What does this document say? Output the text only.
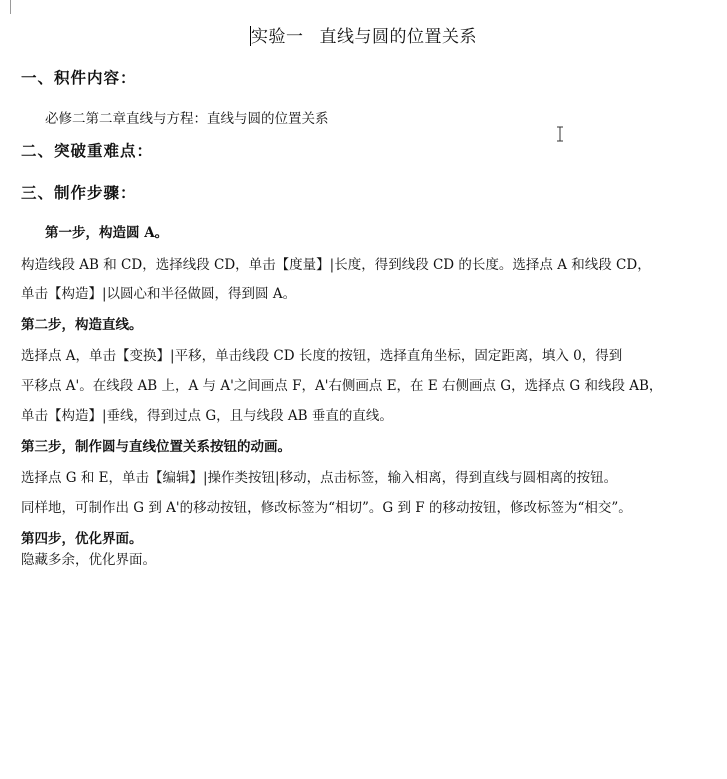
实验一 直线与圆的位置关系
一、积件内容：

必修二第二章直线与方程：直线与圆的位置关系

二、突破重难点：
三、制作步骤：

第一步，构造圆 A。

构造线段 AB 和 CD，选择线段 CD，单击【度量】|长度，得到线段 CD 的长度。选择点 A 和线段 CD，

单击【构造】|以圆心和半径做圆，得到圆 A。

第二步，构造直线。

选择点 A，单击【变换】|平移，单击线段 CD 长度的按钮，选择直角坐标，固定距离，填入 0，得到

平移点 A'。在线段 AB 上，A 与 A'之间画点 F，A'右侧画点 E，在 E 右侧画点 G，选择点 G 和线段 AB，

单击【构造】|垂线，得到过点 G，且与线段 AB 垂直的直线。

第三步，制作圆与直线位置关系按钮的动画。

选择点 G 和 E，单击【编辑】|操作类按钮|移动，点击标签，输入相离，得到直线与圆相离的按钮。

同样地，可制作出 G 到 A'的移动按钮，修改标签为“相切”。G 到 F 的移动按钮，修改标签为“相交”。

第四步，优化界面。

隐藏多余，优化界面。
